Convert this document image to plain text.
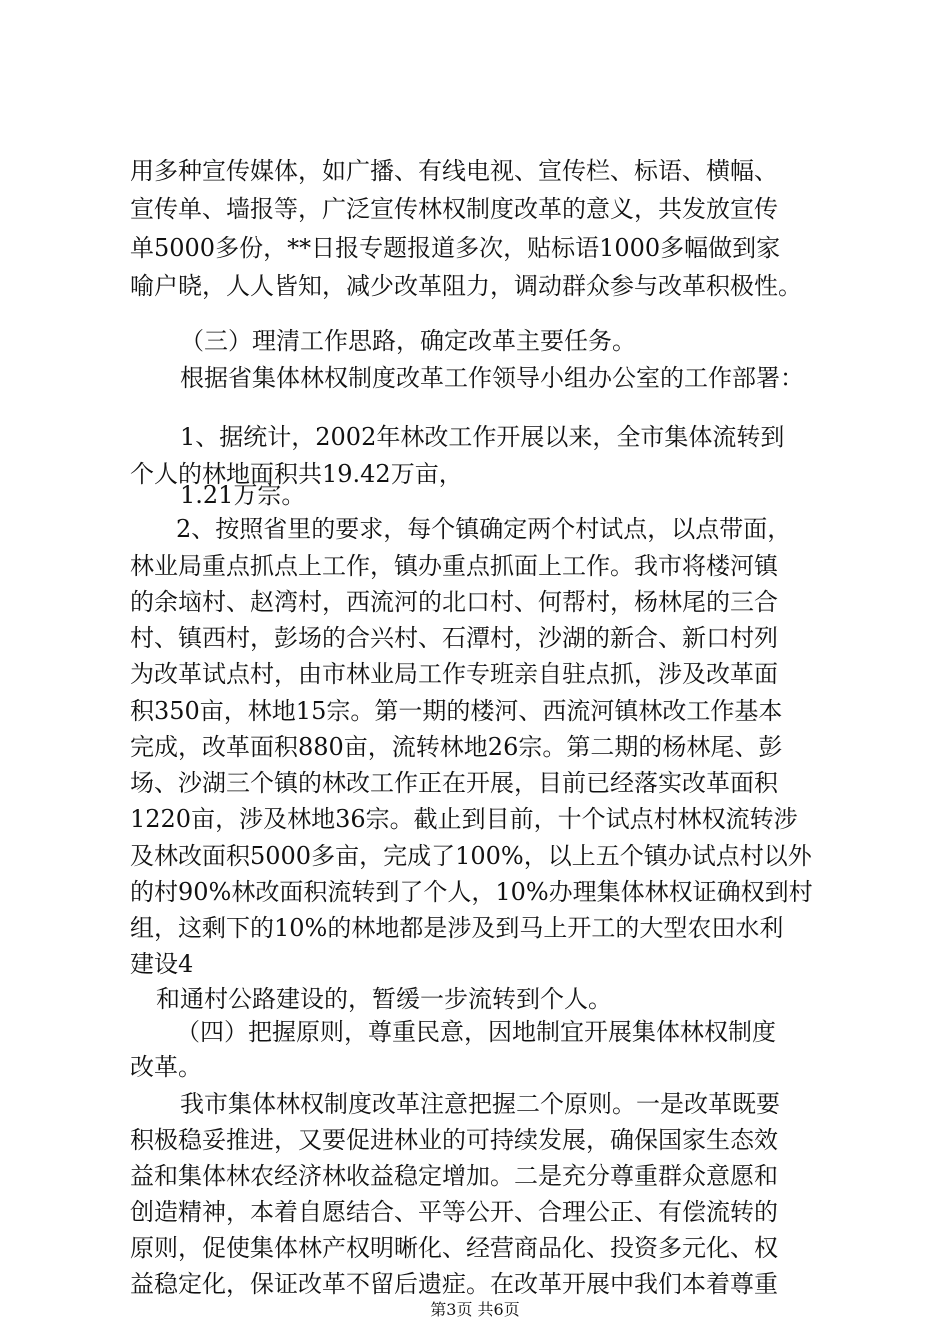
用多种宣传媒体，如广播、有线电视、宣传栏、标语、横幅、
宣传单、墙报等，广泛宣传林权制度改革的意义，共发放宣传
单5000多份，**日报专题报道多次，贴标语1000多幅做到家
喻户晓，人人皆知，减少改革阻力，调动群众参与改革积极性。
（三）理清工作思路，确定改革主要任务。
根据省集体林权制度改革工作领导小组办公室的工作部署：
1、据统计，2002年林改工作开展以来，全市集体流转到
个人的林地面积共19.42万亩，
1.21万宗。
2、按照省里的要求，每个镇确定两个村试点，以点带面，
林业局重点抓点上工作，镇办重点抓面上工作。我市将楼河镇
的余垴村、赵湾村，西流河的北口村、何帮村，杨林尾的三合
村、镇西村，彭场的合兴村、石潭村，沙湖的新合、新口村列
为改革试点村，由市林业局工作专班亲自驻点抓，涉及改革面
积350亩，林地15宗。第一期的楼河、西流河镇林改工作基本
完成，改革面积880亩，流转林地26宗。第二期的杨林尾、彭
场、沙湖三个镇的林改工作正在开展，目前已经落实改革面积
1220亩，涉及林地36宗。截止到目前，十个试点村林权流转涉
及林改面积5000多亩，完成了100%，以上五个镇办试点村以外
的村90%林改面积流转到了个人，10%办理集体林权证确权到村
组，这剩下的10%的林地都是涉及到马上开工的大型农田水利
建设4
和通村公路建设的，暂缓一步流转到个人。
（四）把握原则，尊重民意，因地制宜开展集体林权制度
改革。
我市集体林权制度改革注意把握二个原则。一是改革既要
积极稳妥推进，又要促进林业的可持续发展，确保国家生态效
益和集体林农经济林收益稳定增加。二是充分尊重群众意愿和
创造精神，本着自愿结合、平等公开、合理公正、有偿流转的
原则，促使集体林产权明晰化、经营商品化、投资多元化、权
益稳定化，保证改革不留后遗症。在改革开展中我们本着尊重
第3页 共6页
